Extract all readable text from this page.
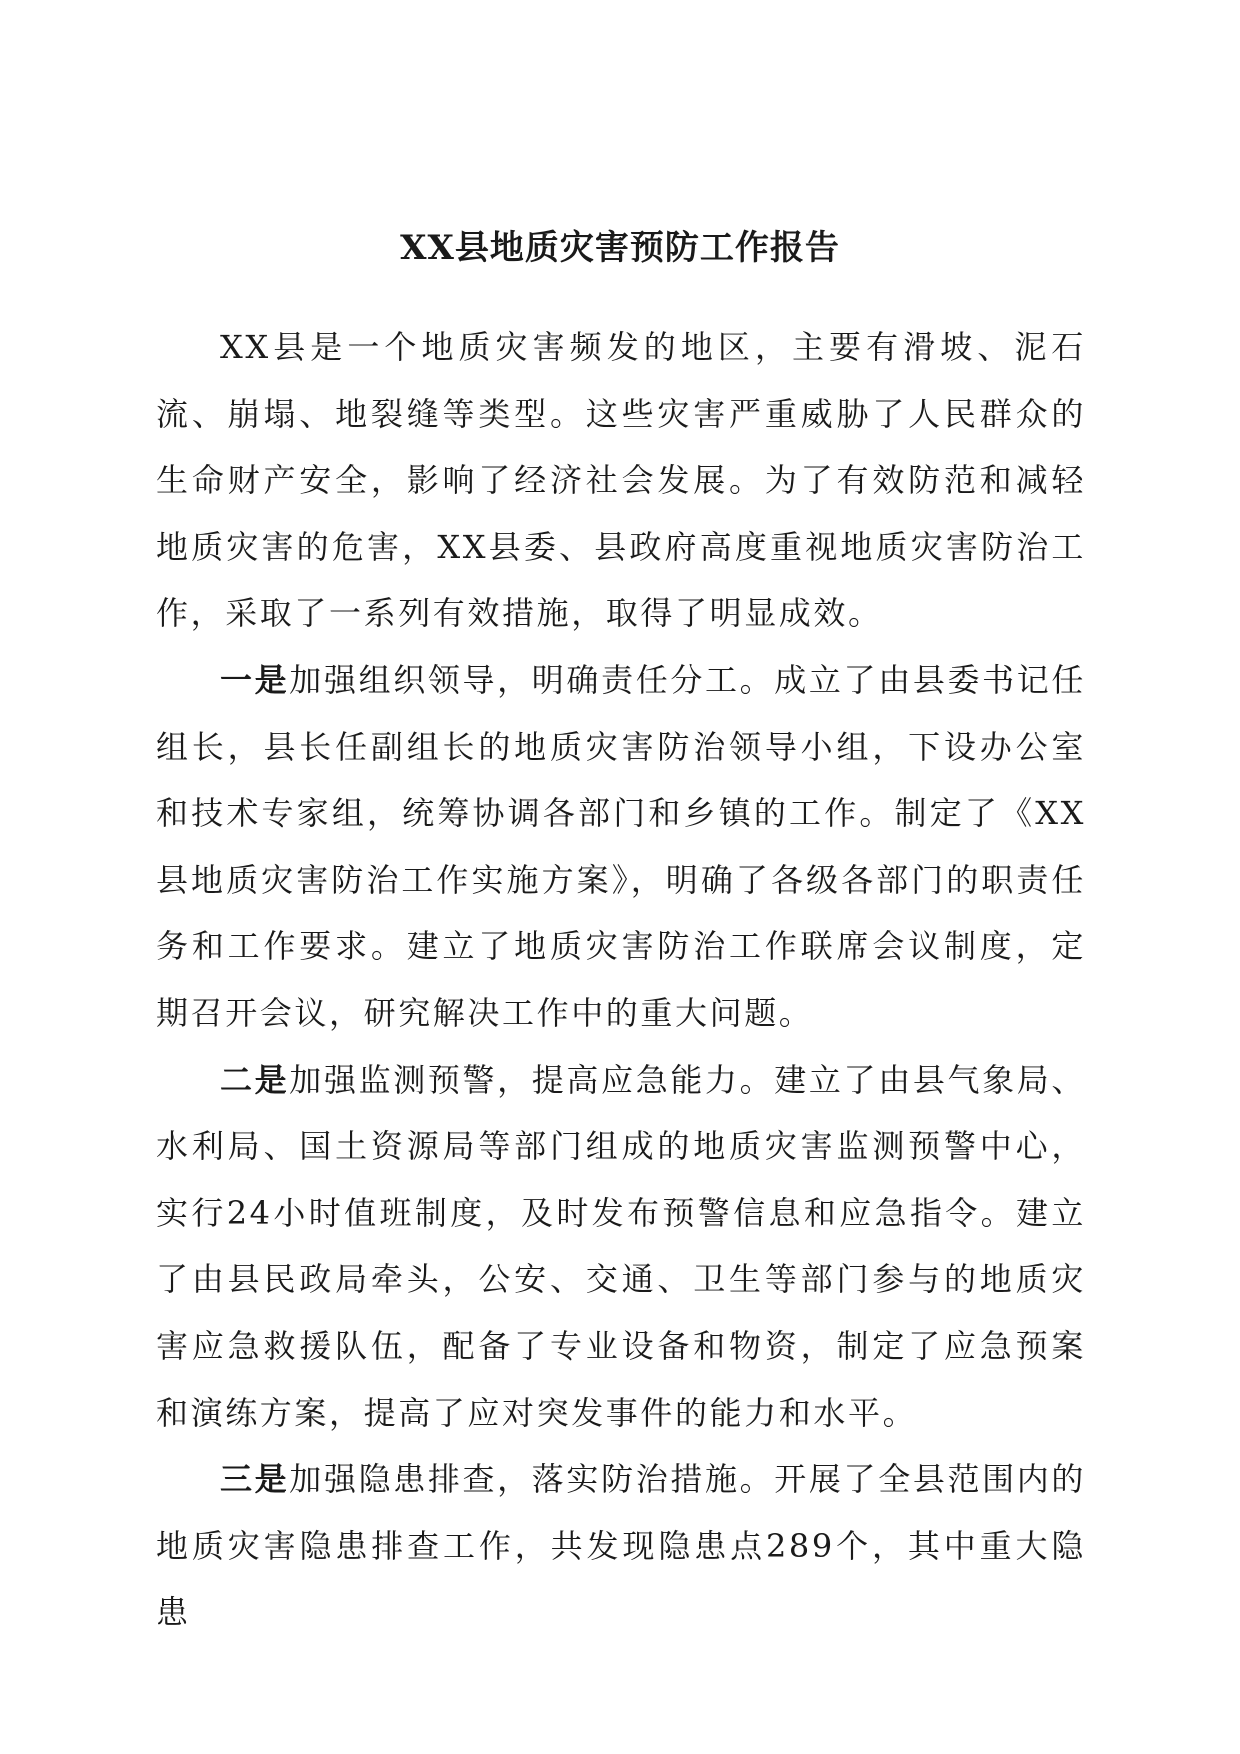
XX县地质灾害预防工作报告

XX县是一个地质灾害频发的地区，主要有滑坡、泥石流、崩塌、地裂缝等类型。这些灾害严重威胁了人民群众的生命财产安全，影响了经济社会发展。为了有效防范和减轻地质灾害的危害，XX县委、县政府高度重视地质灾害防治工作，采取了一系列有效措施，取得了明显成效。

一是加强组织领导，明确责任分工。成立了由县委书记任组长，县长任副组长的地质灾害防治领导小组，下设办公室和技术专家组，统筹协调各部门和乡镇的工作。制定了《XX县地质灾害防治工作实施方案》，明确了各级各部门的职责任务和工作要求。建立了地质灾害防治工作联席会议制度，定期召开会议，研究解决工作中的重大问题。

二是加强监测预警，提高应急能力。建立了由县气象局、水利局、国土资源局等部门组成的地质灾害监测预警中心，实行24小时值班制度，及时发布预警信息和应急指令。建立了由县民政局牵头，公安、交通、卫生等部门参与的地质灾害应急救援队伍，配备了专业设备和物资，制定了应急预案和演练方案，提高了应对突发事件的能力和水平。

三是加强隐患排查，落实防治措施。开展了全县范围内的地质灾害隐患排查工作，共发现隐患点289个，其中重大隐患
